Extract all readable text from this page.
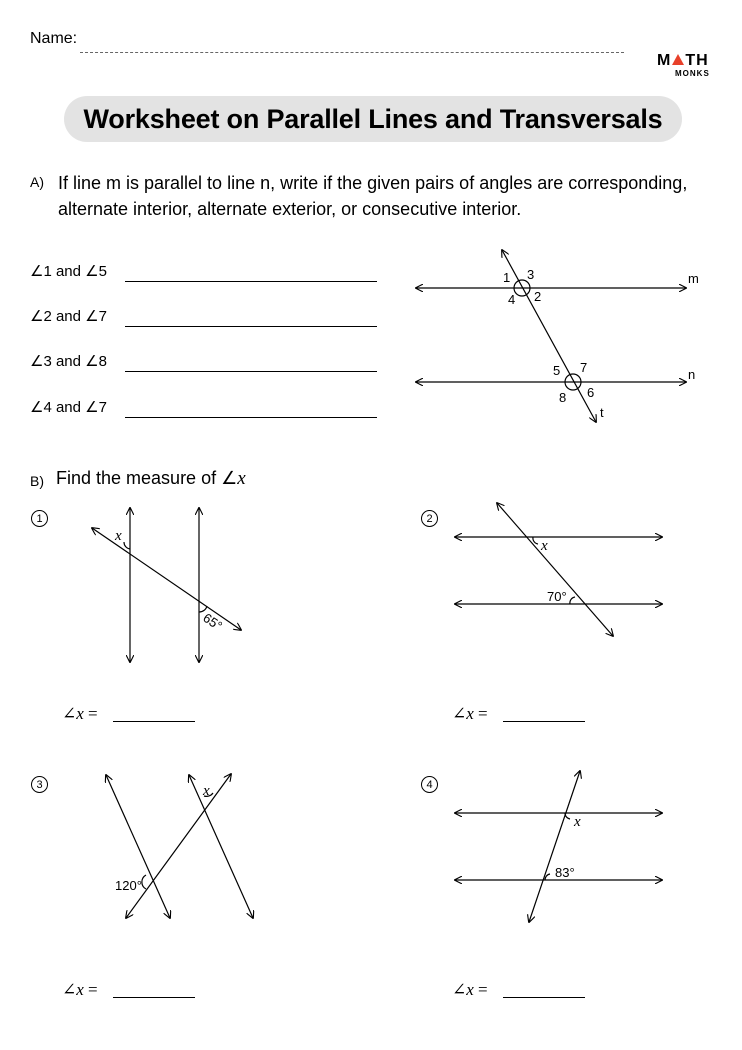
Name:
M TH
MONKS
Worksheet on Parallel Lines and Transversals
A) If line m is parallel to line n, write if the given pairs of angles are corresponding, alternate interior, alternate exterior, or consecutive interior.
∠1 and ∠5
∠2 and ∠7
∠3 and ∠8
∠4 and ∠7
B) Find the measure of ∠x
1	2
3	4
∠x =	∠x =
∠x =	∠x =
m
n
t
1 3
4 2
5 7
8 6
x
65°
x
70°
x
120°
x
83°
